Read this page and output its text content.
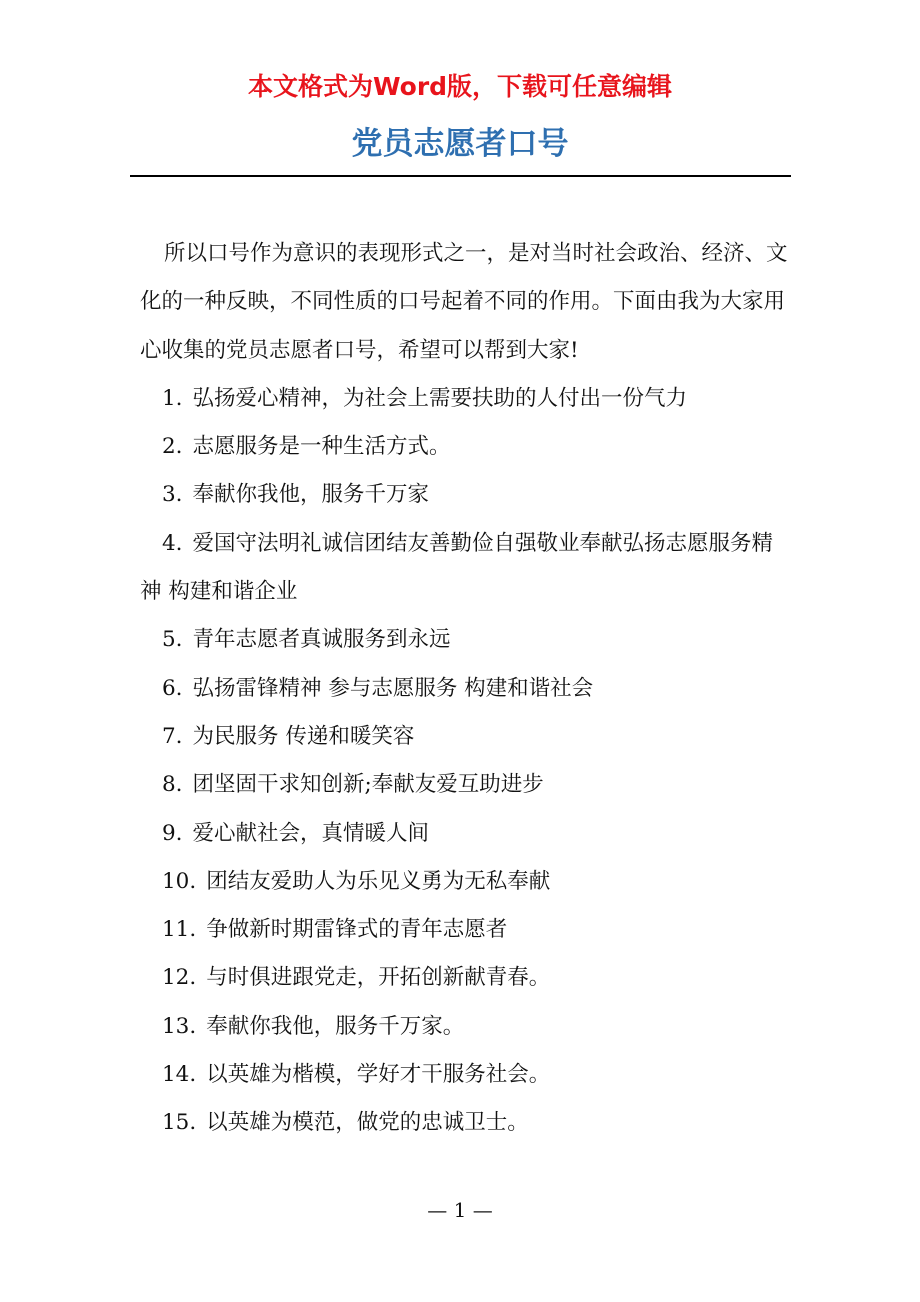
本文格式为Word版，下载可任意编辑
党员志愿者口号

所以口号作为意识的表现形式之一，是对当时社会政治、经济、文化的一种反映，不同性质的口号起着不同的作用。下面由我为大家用心收集的党员志愿者口号，希望可以帮到大家!

1. 弘扬爱心精神，为社会上需要扶助的人付出一份气力
2. 志愿服务是一种生活方式。
3. 奉献你我他，服务千万家
4. 爱国守法明礼诚信团结友善勤俭自强敬业奉献弘扬志愿服务精神 构建和谐企业
5. 青年志愿者真诚服务到永远
6. 弘扬雷锋精神 参与志愿服务 构建和谐社会
7. 为民服务 传递和暖笑容
8. 团坚固干求知创新;奉献友爱互助进步
9. 爱心献社会，真情暖人间
10. 团结友爱助人为乐见义勇为无私奉献
11. 争做新时期雷锋式的青年志愿者
12. 与时俱进跟党走，开拓创新献青春。
13. 奉献你我他，服务千万家。
14. 以英雄为楷模，学好才干服务社会。
15. 以英雄为模范，做党的忠诚卫士。
— 1 —
